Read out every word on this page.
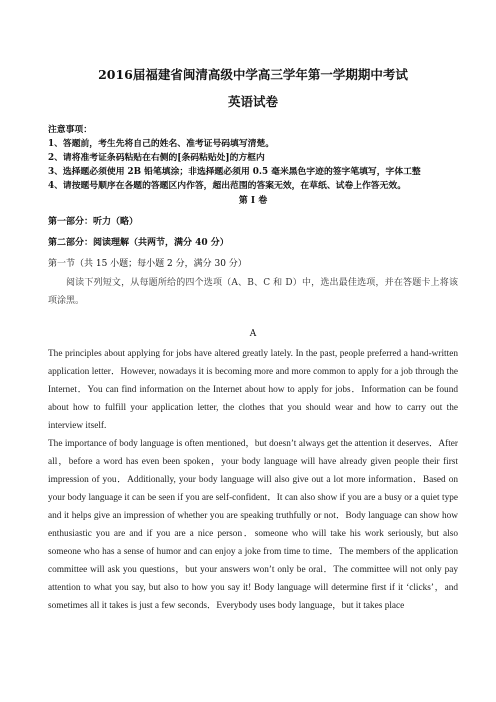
2016届福建省闽清高级中学高三学年第一学期期中考试
英语试卷
注意事项：
1、答题前，考生先将自己的姓名、准考证号码填写清楚。
2、请将准考证条码粘贴在右侧的[条码粘贴处]的方框内
3、选择题必须使用 2B 铅笔填涂；非选择题必须用 0.5 毫米黑色字迹的签字笔填写，字体工整
4、请按题号顺序在各题的答题区内作答，超出范围的答案无效，在草纸、试卷上作答无效。
第 I 卷
第一部分：听力（略）
第二部分：阅读理解（共两节，满分 40 分）
第一节（共 15 小题；每小题 2 分，满分 30 分）

阅读下列短文，从每题所给的四个选项（A、B、C 和 D）中，选出最佳选项，并在答题卡上将该项涂黑。

A

The principles about applying for jobs have altered greatly lately. In the past, people preferred a hand-written application letter．However, nowadays it is becoming more and more common to apply for a job through the Internet．You can find information on the Internet about how to apply for jobs．Information can be found about how to fulfill your application letter, the clothes that you should wear and how to carry out the interview itself.

The importance of body language is often mentioned，but doesn’t always get the attention it deserves．After all，before a word has even been spoken，your body language will have already given people their first impression of you．Additionally, your body language will also give out a lot more information．Based on your body language it can be seen if you are self-confident．It can also show if you are a busy or a quiet type and it helps give an impression of whether you are speaking truthfully or not．Body language can show how enthusiastic you are and if you are a nice person．someone who will take his work seriously, but also someone who has a sense of humor and can enjoy a joke from time to time．The members of the application committee will ask you questions，but your answers won’t only be oral．The committee will not only pay attention to what you say, but also to how you say it! Body language will determine first if it ‘clicks’，and sometimes all it takes is just a few seconds．Everybody uses body language，but it takes place
